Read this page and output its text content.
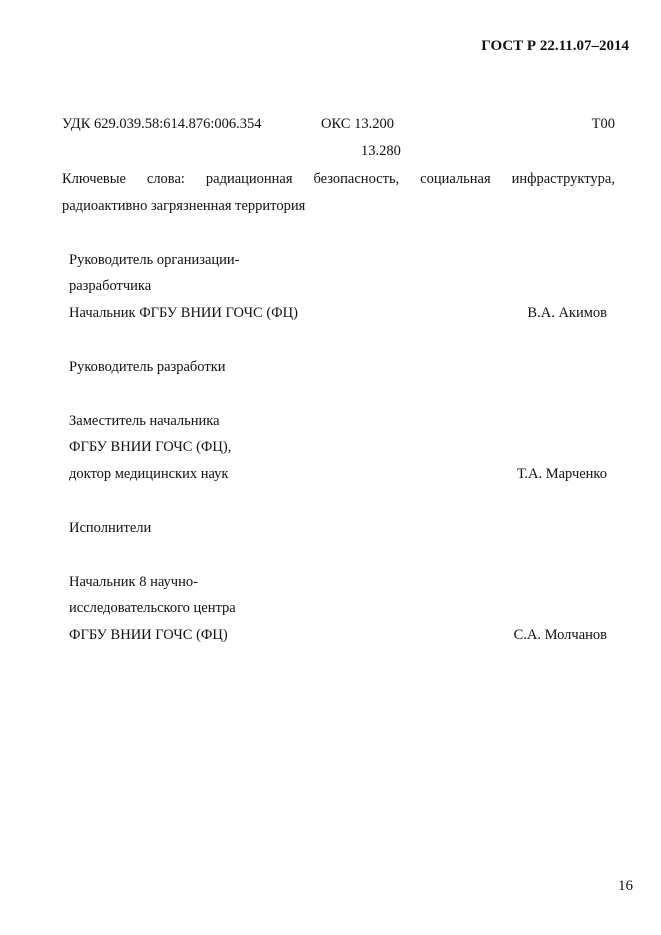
ГОСТ Р 22.11.07–2014
УДК 629.039.58:614.876:006.354	ОКС 13.200
13.280
Т00
Ключевые слова: радиационная безопасность, социальная инфраструктура,
радиоактивно загрязненная территория
Руководитель организации-
разработчика
Начальник ФГБУ ВНИИ ГОЧС (ФЦ)	В.А. Акимов
Руководитель разработки
Заместитель начальника
ФГБУ ВНИИ ГОЧС (ФЦ),
доктор медицинских наук	Т.А. Марченко
Исполнители
Начальник 8 научно-
исследовательского центра
ФГБУ ВНИИ ГОЧС (ФЦ)	С.А. Молчанов
16
